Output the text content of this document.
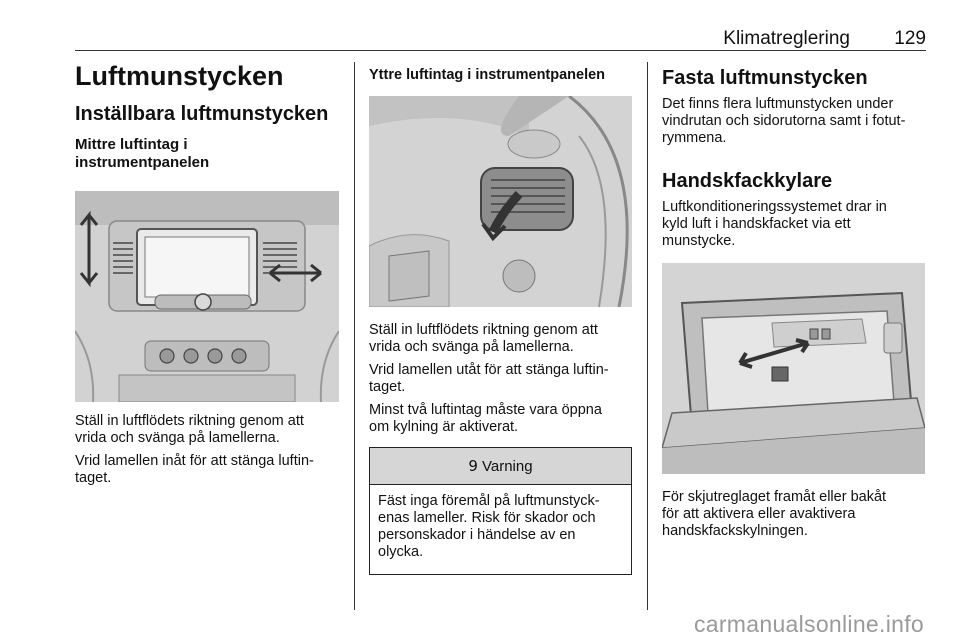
Klimatreglering 129
Luftmunstycken
Inställbara luftmunstycken
Mittre luftintag i
instrumentpanelen
Ställ in luftflödets riktning genom att
vrida och svänga på lamellerna.
Vrid lamellen inåt för att stänga luftin-
taget.
Yttre luftintag i instrumentpanelen
Ställ in luftflödets riktning genom att
vrida och svänga på lamellerna.
Vrid lamellen utåt för att stänga luftin-
taget.
Minst två luftintag måste vara öppna
om kylning är aktiverat.
9 Varning
Fäst inga föremål på luftmunstyck-
enas lameller. Risk för skador och
personskador i händelse av en
olycka.
Fasta luftmunstycken
Det finns flera luftmunstycken under
vindrutan och sidorutorna samt i fotut-
rymmena.
Handskfackkylare
Luftkonditioneringssystemet drar in
kyld luft i handskfacket via ett
munstycke.
För skjutreglaget framåt eller bakåt
för att aktivera eller avaktivera
handskfackskylningen.
carmanualsonline.info
